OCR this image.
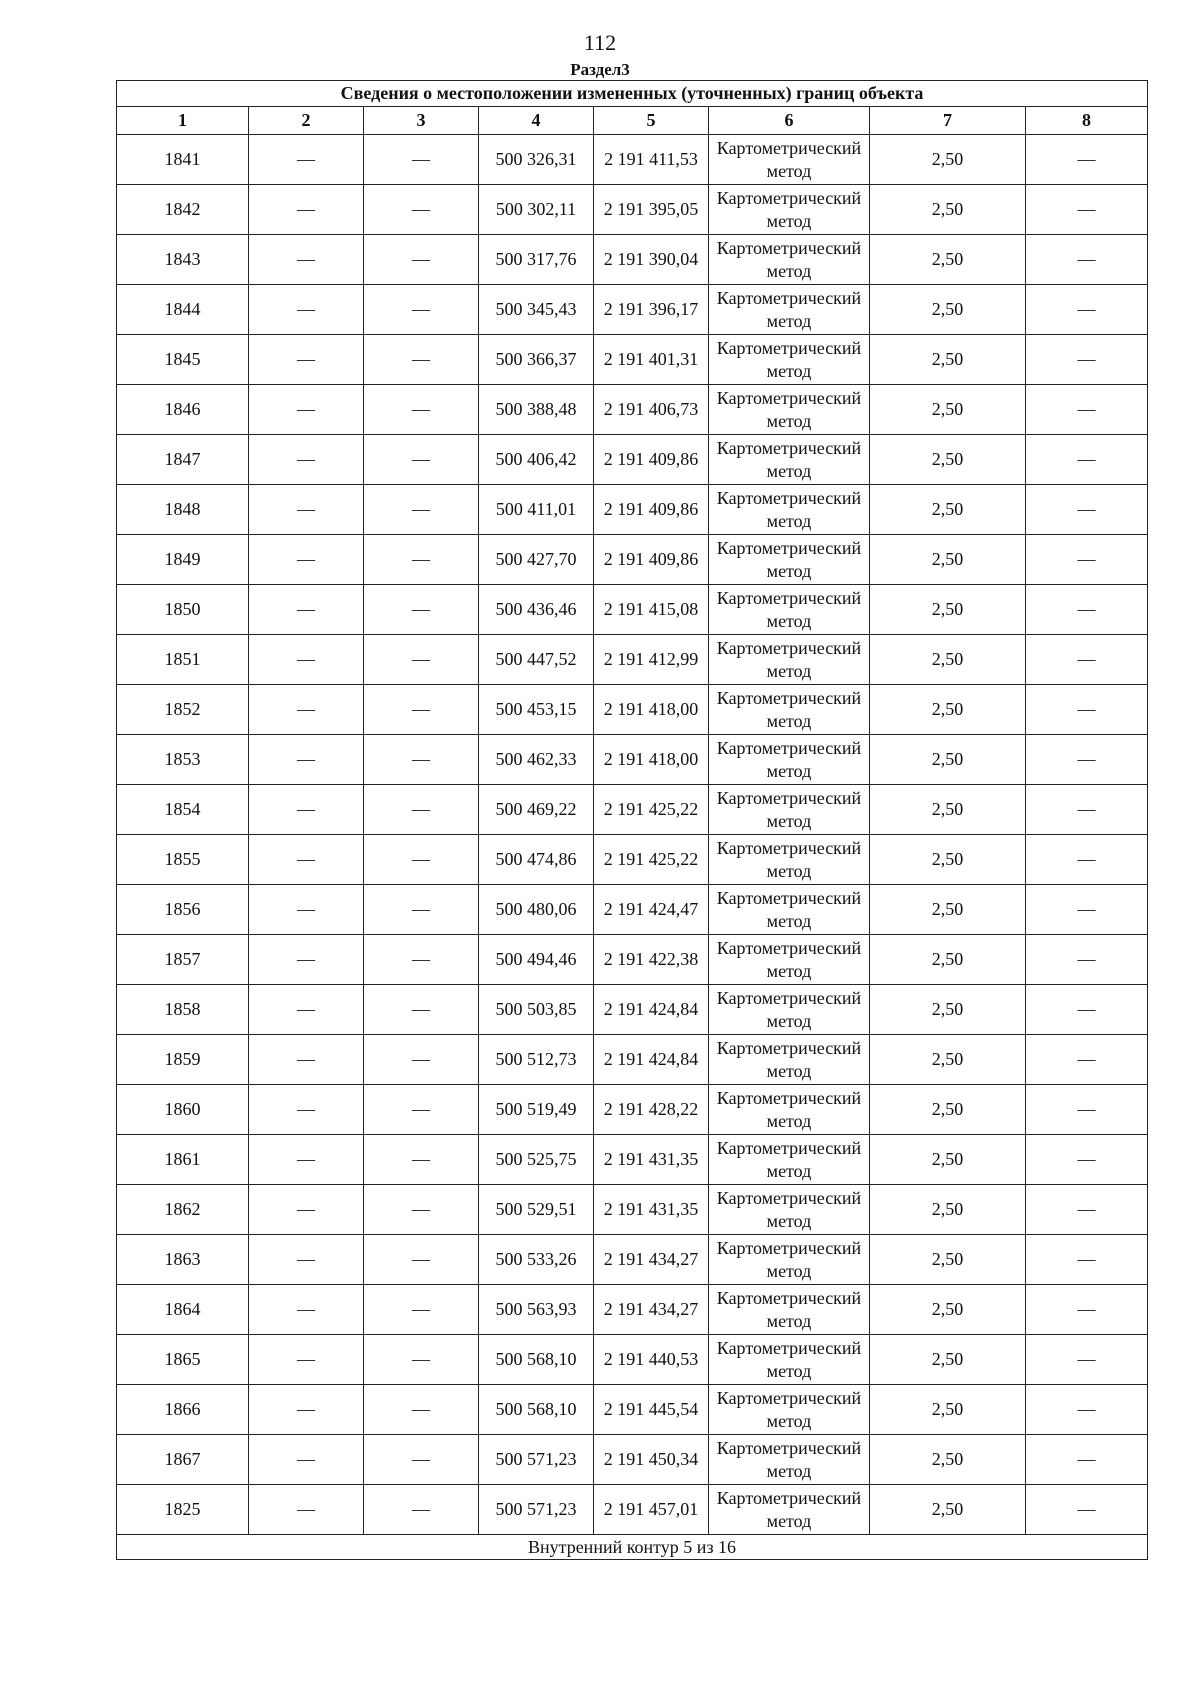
112
Раздел3
Сведения о местоположении измененных (уточненных) границ объекта							
1	2	3	4	5	6	7	8
1841	—	—	500 326,31	2 191 411,53	Картометрический метод	2,50	—
1842	—	—	500 302,11	2 191 395,05	Картометрический метод	2,50	—
1843	—	—	500 317,76	2 191 390,04	Картометрический метод	2,50	—
1844	—	—	500 345,43	2 191 396,17	Картометрический метод	2,50	—
1845	—	—	500 366,37	2 191 401,31	Картометрический метод	2,50	—
1846	—	—	500 388,48	2 191 406,73	Картометрический метод	2,50	—
1847	—	—	500 406,42	2 191 409,86	Картометрический метод	2,50	—
1848	—	—	500 411,01	2 191 409,86	Картометрический метод	2,50	—
1849	—	—	500 427,70	2 191 409,86	Картометрический метод	2,50	—
1850	—	—	500 436,46	2 191 415,08	Картометрический метод	2,50	—
1851	—	—	500 447,52	2 191 412,99	Картометрический метод	2,50	—
1852	—	—	500 453,15	2 191 418,00	Картометрический метод	2,50	—
1853	—	—	500 462,33	2 191 418,00	Картометрический метод	2,50	—
1854	—	—	500 469,22	2 191 425,22	Картометрический метод	2,50	—
1855	—	—	500 474,86	2 191 425,22	Картометрический метод	2,50	—
1856	—	—	500 480,06	2 191 424,47	Картометрический метод	2,50	—
1857	—	—	500 494,46	2 191 422,38	Картометрический метод	2,50	—
1858	—	—	500 503,85	2 191 424,84	Картометрический метод	2,50	—
1859	—	—	500 512,73	2 191 424,84	Картометрический метод	2,50	—
1860	—	—	500 519,49	2 191 428,22	Картометрический метод	2,50	—
1861	—	—	500 525,75	2 191 431,35	Картометрический метод	2,50	—
1862	—	—	500 529,51	2 191 431,35	Картометрический метод	2,50	—
1863	—	—	500 533,26	2 191 434,27	Картометрический метод	2,50	—
1864	—	—	500 563,93	2 191 434,27	Картометрический метод	2,50	—
1865	—	—	500 568,10	2 191 440,53	Картометрический метод	2,50	—
1866	—	—	500 568,10	2 191 445,54	Картометрический метод	2,50	—
1867	—	—	500 571,23	2 191 450,34	Картометрический метод	2,50	—
1825	—	—	500 571,23	2 191 457,01	Картометрический метод	2,50	—
Внутренний контур 5 из 16							
